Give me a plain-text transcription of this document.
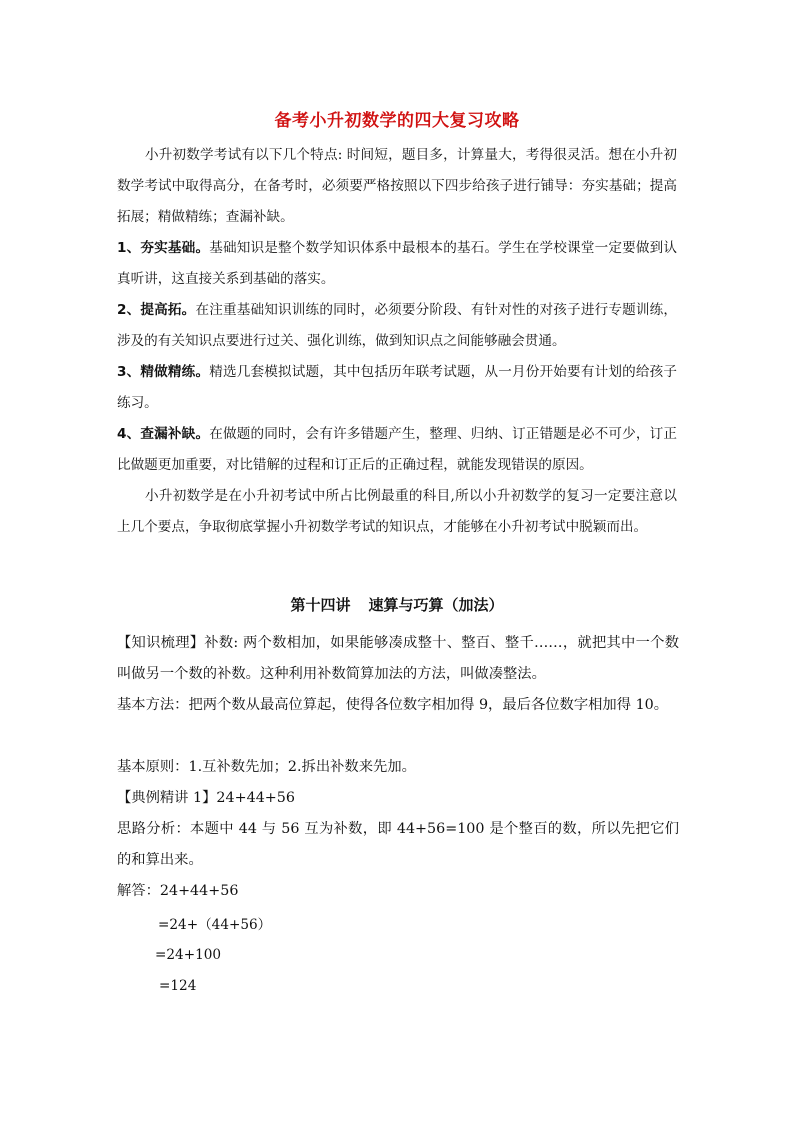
备考小升初数学的四大复习攻略
小升初数学考试有以下几个特点: 时间短，题目多，计算量大，考得很灵活。想在小升初数学考试中取得高分，在备考时，必须要严格按照以下四步给孩子进行铺导：夯实基础；提高拓展；精做精练；查漏补缺。
1、夯实基础。基础知识是整个数学知识体系中最根本的基石。学生在学校课堂一定要做到认真听讲，这直接关系到基础的落实。
2、提高拓。在注重基础知识训练的同时，必须要分阶段、有针对性的对孩子进行专题训练，涉及的有关知识点要进行过关、强化训练，做到知识点之间能够融会贯通。
3、精做精练。精选几套模拟试题，其中包括历年联考试题，从一月份开始要有计划的给孩子练习。
4、查漏补缺。在做题的同时，会有许多错题产生，整理、归纳、订正错题是必不可少，订正比做题更加重要，对比错解的过程和订正后的正确过程，就能发现错误的原因。
小升初数学是在小升初考试中所占比例最重的科目,所以小升初数学的复习一定要注意以上几个要点，争取彻底掌握小升初数学考试的知识点，才能够在小升初考试中脱颖而出。
第十四讲 速算与巧算（加法）
【知识梳理】补数: 两个数相加，如果能够凑成整十、整百、整千……，就把其中一个数叫做另一个数的补数。这种利用补数简算加法的方法，叫做凑整法。
基本方法：把两个数从最高位算起，使得各位数字相加得 9，最后各位数字相加得 10。
基本原则：1.互补数先加；2.拆出补数来先加。
【典例精讲 1】24+44+56
思路分析：本题中 44 与 56 互为补数，即 44+56=100 是个整百的数，所以先把它们的和算出来。
解答：24+44+56
=24+（44+56）
=24+100
=124
